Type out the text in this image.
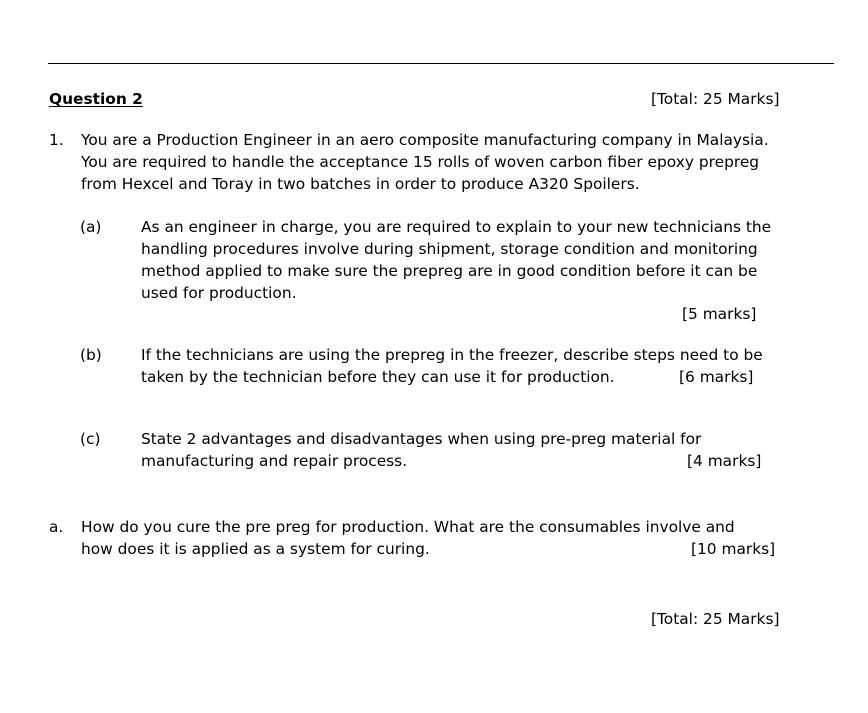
Question 2	[Total: 25 Marks]
1. You are a Production Engineer in an aero composite manufacturing company in Malaysia.
You are required to handle the acceptance 15 rolls of woven carbon fiber epoxy prepreg
from Hexcel and Toray in two batches in order to produce A320 Spoilers.
(a)	As an engineer in charge, you are required to explain to your new technicians the
handling procedures involve during shipment, storage condition and monitoring
method applied to make sure the prepreg are in good condition before it can be
used for production.
[5 marks]
(b)	If the technicians are using the prepreg in the freezer, describe steps need to be
taken by the technician before they can use it for production.	[6 marks]
(c)	State 2 advantages and disadvantages when using pre-preg material for
manufacturing and repair process.	[4 marks]
a. How do you cure the pre preg for production. What are the consumables involve and
how does it is applied as a system for curing.	[10 marks]
[Total: 25 Marks]
